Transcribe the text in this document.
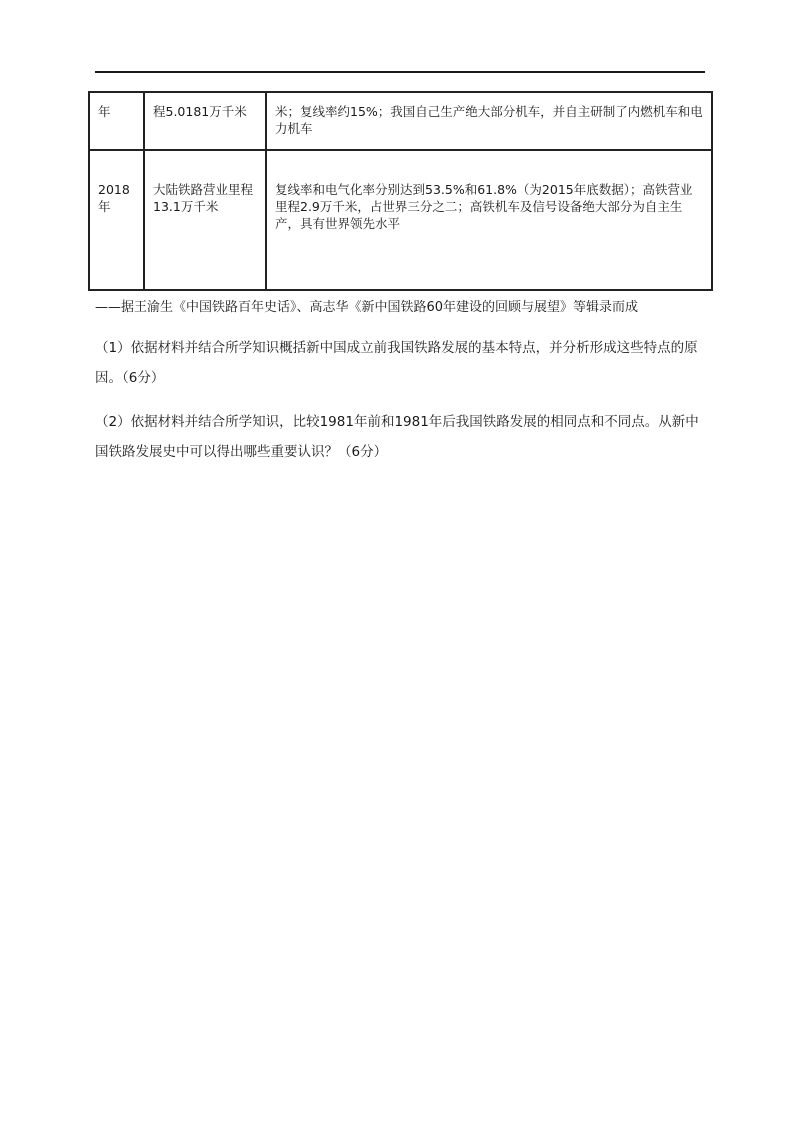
年	程5.0181万千米	米；复线率约15%；我国自己生产绝大部分机车，并自主研制了内燃机车和电力机车
2018年	大陆铁路营业里程13.1万千米	复线率和电气化率分别达到53.5%和61.8%（为2015年底数据）；高铁营业里程2.9万千米，占世界三分之二；高铁机车及信号设备绝大部分为自主生产，具有世界领先水平
——据王渝生《中国铁路百年史话》、高志华《新中国铁路60年建设的回顾与展望》等辑录而成
（1）依据材料并结合所学知识概括新中国成立前我国铁路发展的基本特点，并分析形成这些特点的原因。（6分）
（2）依据材料并结合所学知识，比较1981年前和1981年后我国铁路发展的相同点和不同点。从新中国铁路发展史中可以得出哪些重要认识？（6分）
